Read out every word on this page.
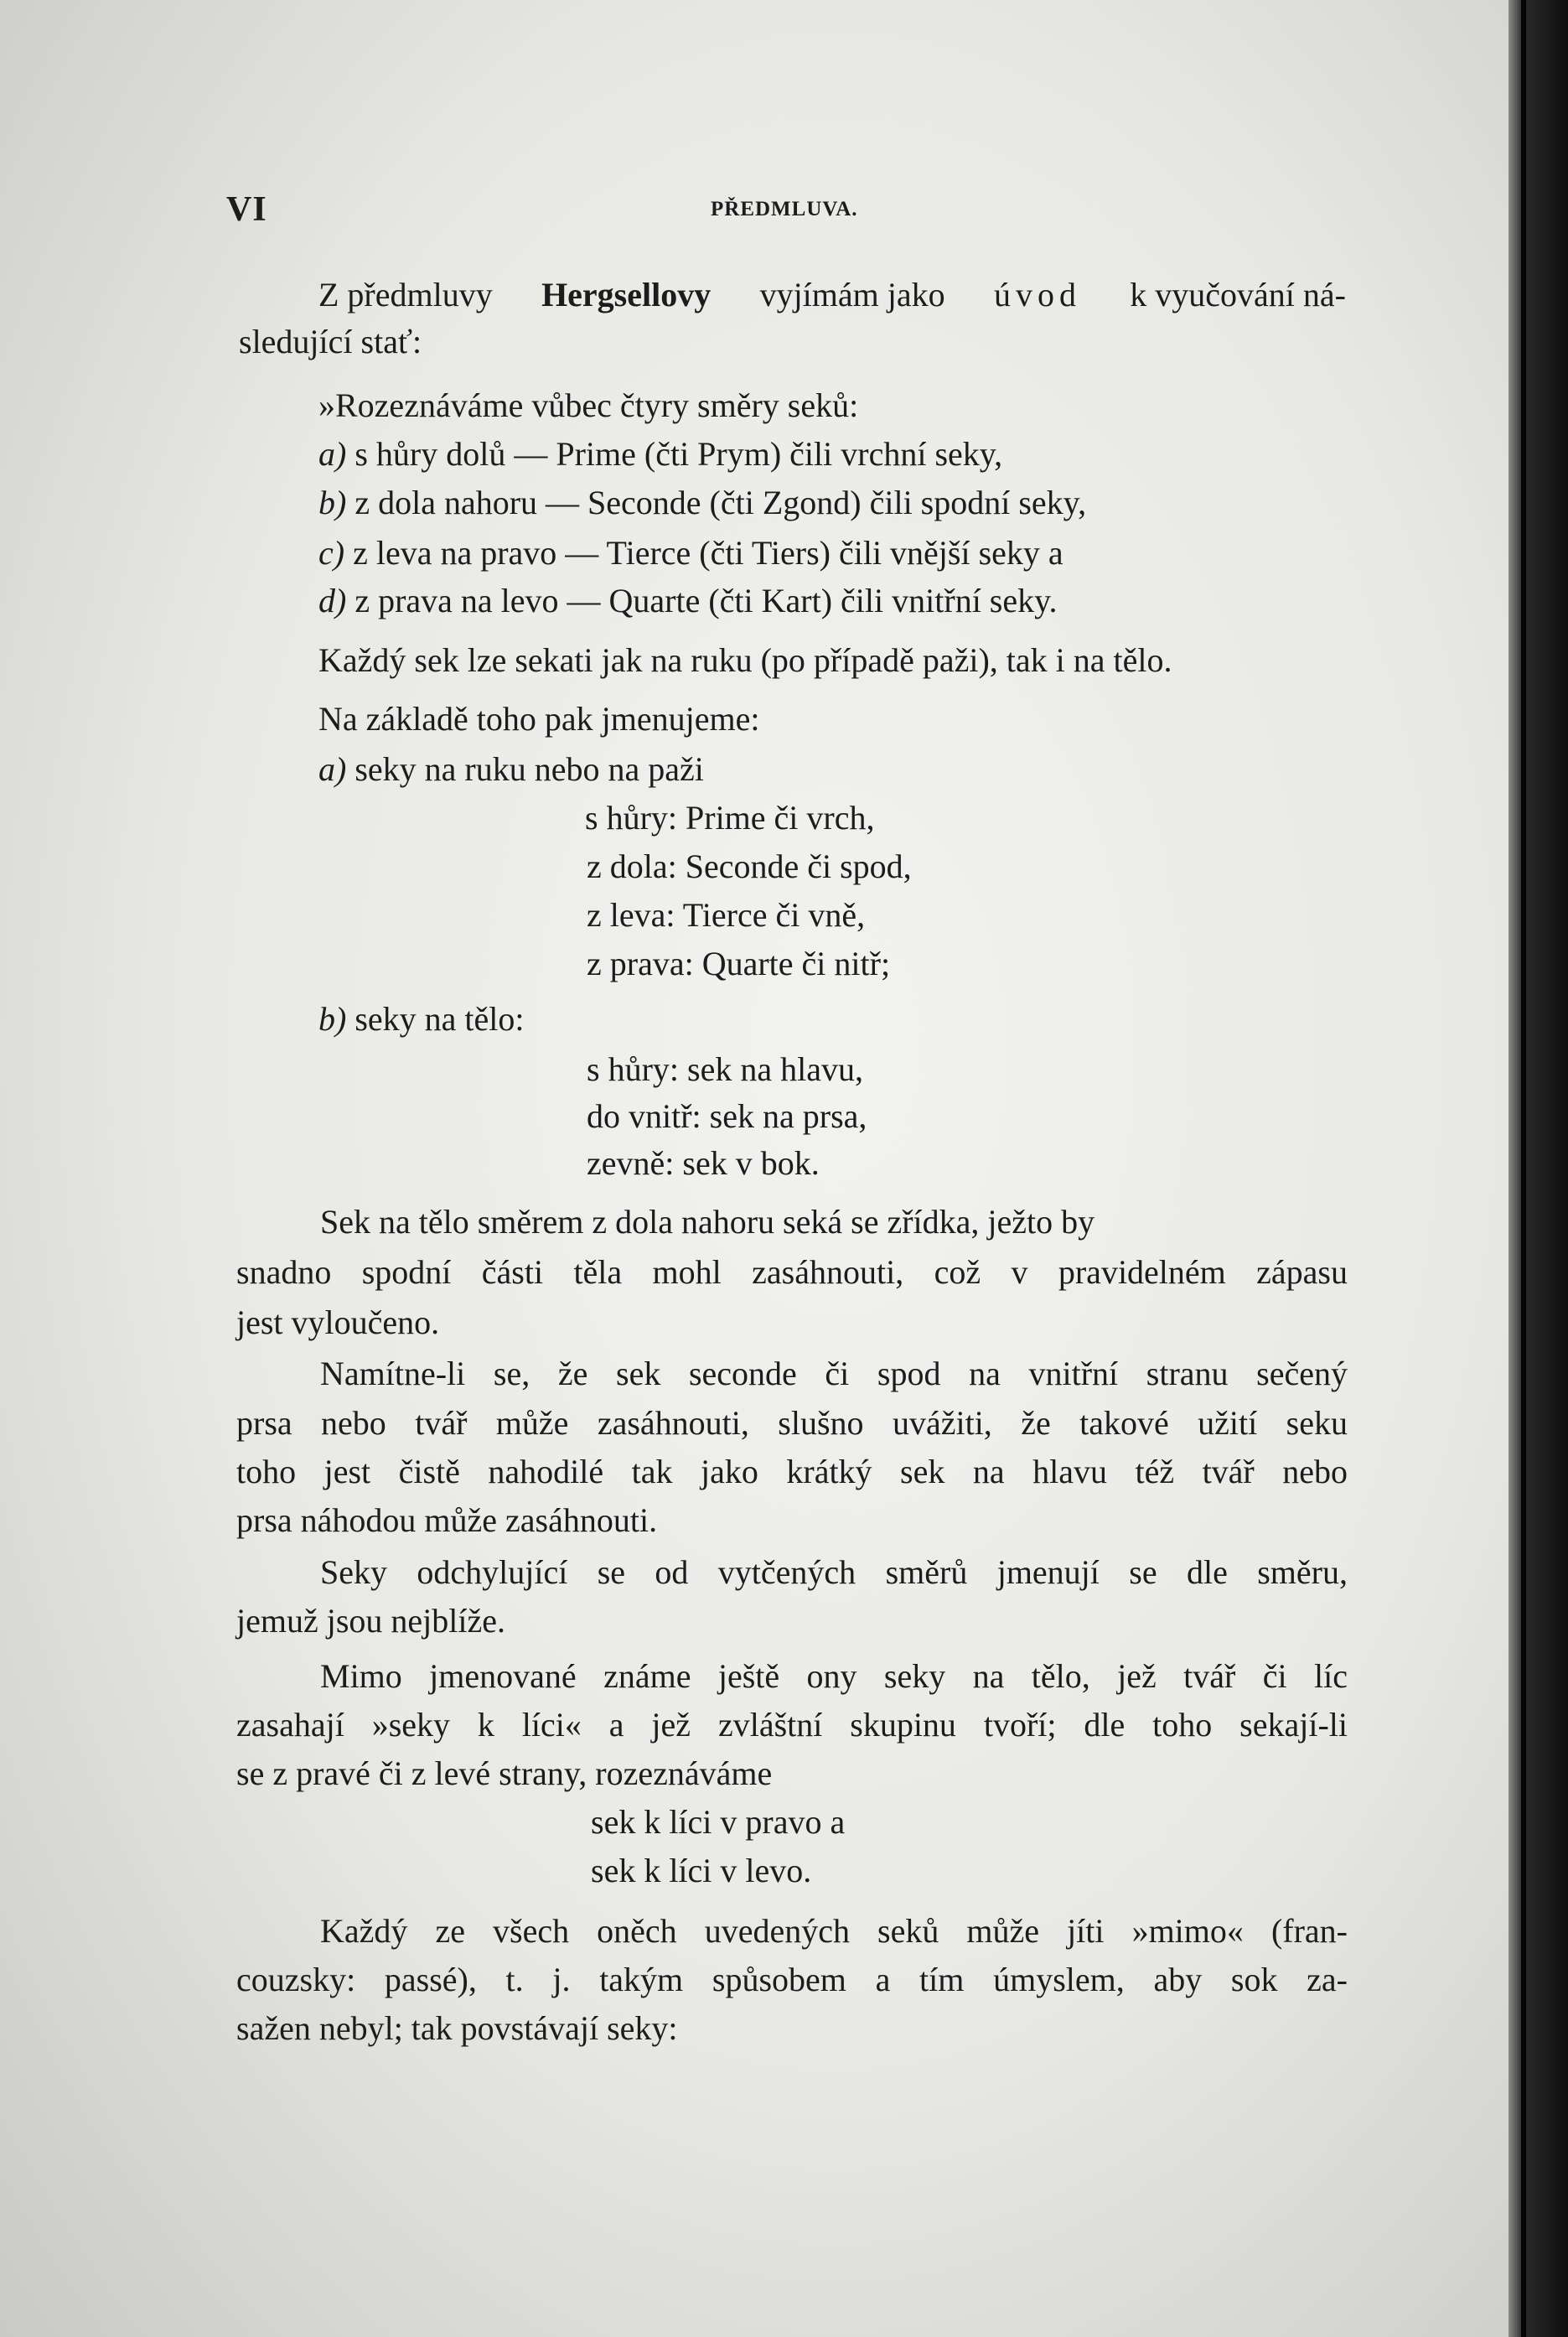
VI	PŘEDMLUVA.
Z předmluvy Hergsellovy vyjímám jako úvod k vyučování ná-
sledující stať:
»Rozeznáváme vůbec čtyry směry seků:
a) s hůry dolů — Prime (čti Prym) čili vrchní seky,
b) z dola nahoru — Seconde (čti Zgond) čili spodní seky,
c) z leva na pravo — Tierce (čti Tiers) čili vnější seky a
d) z prava na levo — Quarte (čti Kart) čili vnitřní seky.
Každý sek lze sekati jak na ruku (po případě paži), tak i na tělo.
Na základě toho pak jmenujeme:
a) seky na ruku nebo na paži
s hůry: Prime či vrch,
z dola: Seconde či spod,
z leva: Tierce či vně,
z prava: Quarte či nitř;
b) seky na tělo:
s hůry: sek na hlavu,
do vnitř: sek na prsa,
zevně: sek v bok.
Sek na tělo směrem z dola nahoru seká se zřídka, ježto by
snadno spodní části těla mohl zasáhnouti, což v pravidelném zápasu
jest vyloučeno.
Namítne-li se, že sek seconde či spod na vnitřní stranu sečený
prsa nebo tvář může zasáhnouti, slušno uvážiti, že takové užití seku
toho jest čistě nahodilé tak jako krátký sek na hlavu též tvář nebo
prsa náhodou může zasáhnouti.
Seky odchylující se od vytčených směrů jmenují se dle směru,
jemuž jsou nejblíže.
Mimo jmenované známe ještě ony seky na tělo, jež tvář či líc
zasahají »seky k líci« a jež zvláštní skupinu tvoří; dle toho sekají-li
se z pravé či z levé strany, rozeznáváme
sek k líci v pravo a
sek k líci v levo.
Každý ze všech oněch uvedených seků může jíti »mimo« (fran-
couzsky: passé), t. j. takým spůsobem a tím úmyslem, aby sok za-
sažen nebyl; tak povstávají seky:
